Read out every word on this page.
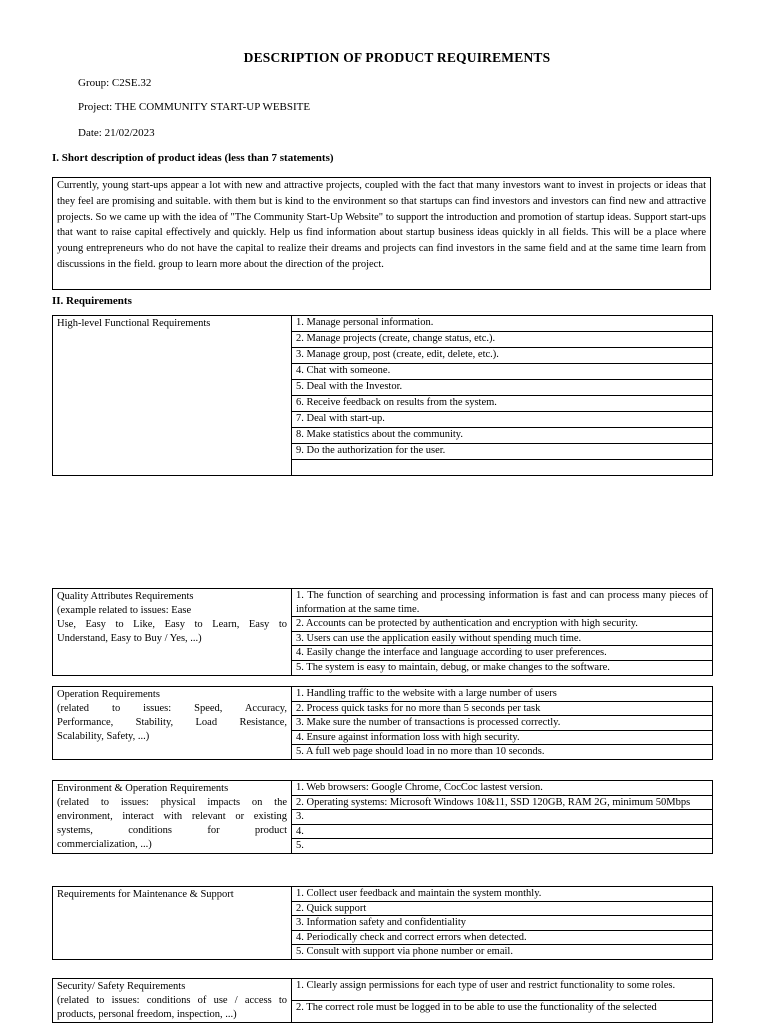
DESCRIPTION OF PRODUCT REQUIREMENTS
Group: C2SE.32
Project: THE COMMUNITY START-UP WEBSITE
Date: 21/02/2023
I. Short description of product ideas (less than 7 statements)
Currently, young start-ups appear a lot with new and attractive projects, coupled with the fact that many investors want to invest in projects or ideas that they feel are promising and suitable. with them but is kind to the environment so that startups can find investors and investors can find new and attractive projects. So we came up with the idea of "The Community Start-Up Website" to support the introduction and promotion of startup ideas. Support start-ups that want to raise capital effectively and quickly. Help us find information about startup business ideas quickly in all fields. This will be a place where young entrepreneurs who do not have the capital to realize their dreams and projects can find investors in the same field and at the same time learn from discussions in the field. group to learn more about the direction of the project.
II. Requirements
High-level Functional Requirements	1. Manage personal information.
2. Manage projects (create, change status, etc.).
3. Manage group, post (create, edit, delete, etc.).
4. Chat with someone.
5. Deal with the Investor.
6. Receive feedback on results from the system.
7. Deal with start-up.
8. Make statistics about the community.
9. Do the authorization for the user.

Quality Attributes Requirements
(example related to issues: Ease
Use, Easy to Like, Easy to Learn, Easy to
Understand, Easy to Buy / Yes, ...)
	1. The function of searching and processing information is fast and can process many pieces of information at the same time.
2. Accounts can be protected by authentication and encryption with high security.
3. Users can use the application easily without spending much time.
4. Easily change the interface and language according to user preferences.
5. The system is easy to maintain, debug, or make changes to the software.
Operation Requirements
(related to issues: Speed, Accuracy,
Performance, Stability, Load Resistance,
Scalability, Safety, ...)
	1. Handling traffic to the website with a large number of users
2. Process quick tasks for no more than 5 seconds per task
3. Make sure the number of transactions is processed correctly.
4. Ensure against information loss with high security.
5. A full web page should load in no more than 10 seconds.
Environment & Operation Requirements
(related to issues: physical impacts on the
environment, interact with relevant or existing
systems, conditions for product
commercialization, ...)
	1. Web browsers: Google Chrome, CocCoc lastest version.
2. Operating systems: Microsoft Windows 10&11, SSD 120GB, RAM 2G, minimum 50Mbps
3.
4.
5.
Requirements for Maintenance & Support	1. Collect user feedback and maintain the system monthly.
2. Quick support
3. Information safety and confidentiality
4. Periodically check and correct errors when detected.
5. Consult with support via phone number or email.
Security/ Safety Requirements
(related to issues: conditions of use / access to
products, personal freedom, inspection, ...)
	1. Clearly assign permissions for each type of user and restrict functionality to some roles.
2. The correct role must be logged in to be able to use the functionality of the selected
